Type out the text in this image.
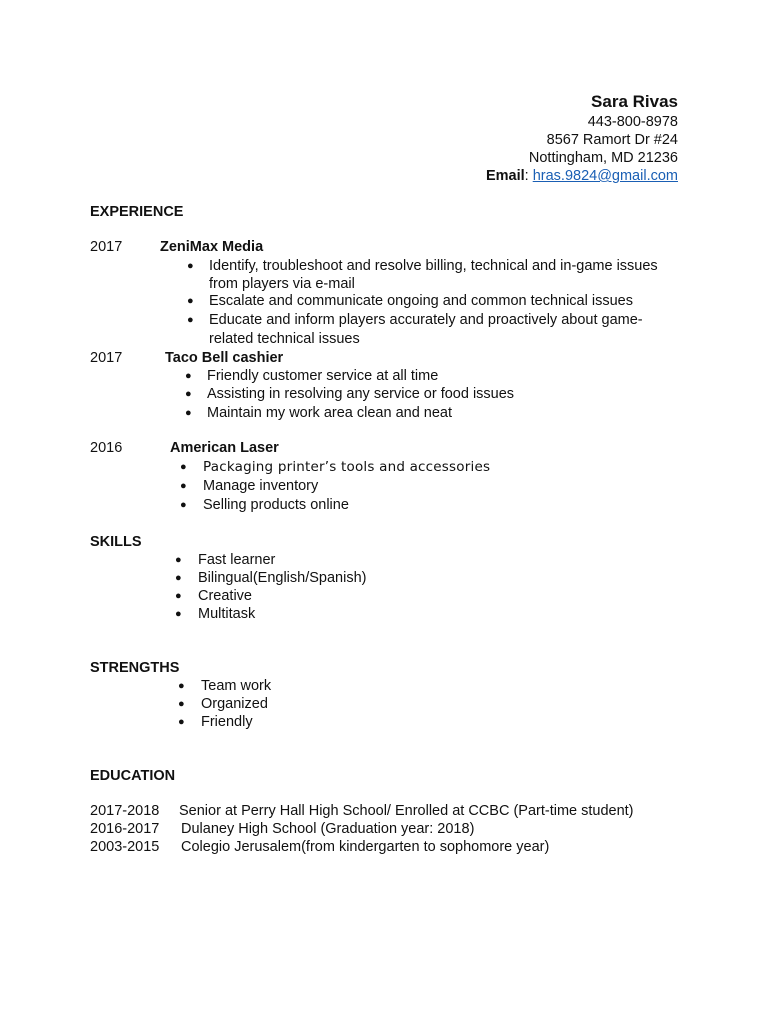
Sara Rivas
443-800-8978
8567 Ramort Dr #24
Nottingham, MD 21236
Email: hras.9824@gmail.com
EXPERIENCE
2017	ZeniMax Media
● Identify, troubleshoot and resolve billing, technical and in-game issues
from players via e-mail
● Escalate and communicate ongoing and common technical issues
● Educate and inform players accurately and proactively about game-
related technical issues
2017	Taco Bell cashier
● Friendly customer service at all time
● Assisting in resolving any service or food issues
● Maintain my work area clean and neat
2016	American Laser
● Packaging printer’s tools and accessories
● Manage inventory
● Selling products online
SKILLS
● Fast learner
● Bilingual(English/Spanish)
● Creative
● Multitask
STRENGTHS
● Team work
● Organized
● Friendly
EDUCATION
2017-2018 Senior at Perry Hall High School/ Enrolled at CCBC (Part-time student)
2016-2017 Dulaney High School (Graduation year: 2018)
2003-2015 Colegio Jerusalem(from kindergarten to sophomore year)
